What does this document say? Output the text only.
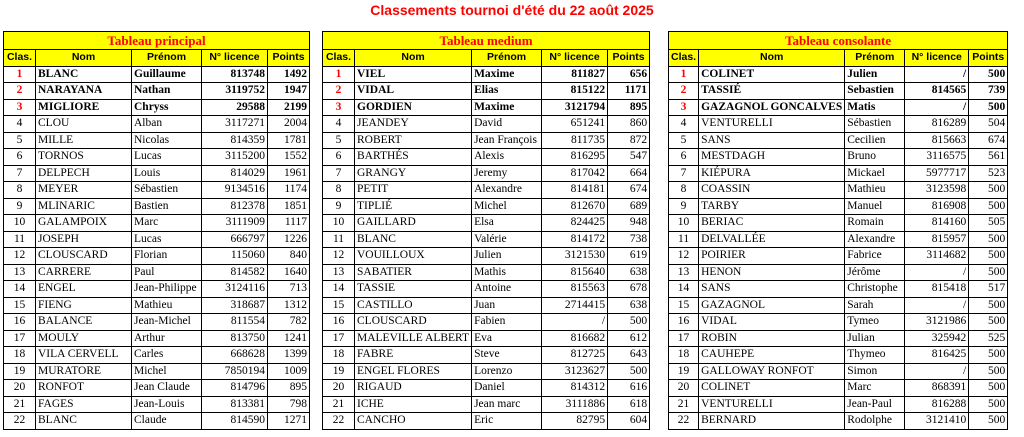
Classements tournoi d'été du 22 août 2025
Tableau principal				
Clas.	Nom	Prénom	N° licence	Points
1	BLANC	Guillaume	813748	1492
2	NARAYANA	Nathan	3119752	1947
3	MIGLIORE	Chryss	29588	2199
4	CLOU	Alban	3117271	2004
5	MILLE	Nicolas	814359	1781
6	TORNOS	Lucas	3115200	1552
7	DELPECH	Louis	814029	1961
8	MEYER	Sébastien	9134516	1174
9	MLINARIC	Bastien	812378	1851
10	GALAMPOIX	Marc	3111909	1117
11	JOSEPH	Lucas	666797	1226
12	CLOUSCARD	Florian	115060	840
13	CARRERE	Paul	814582	1640
14	ENGEL	Jean-Philippe	3124116	713
15	FIENG	Mathieu	318687	1312
16	BALANCE	Jean-Michel	811554	782
17	MOULY	Arthur	813750	1241
18	VILA CERVELL	Carles	668628	1399
19	MURATORE	Michel	7850194	1009
20	RONFOT	Jean Claude	814796	895
21	FAGES	Jean-Louis	813381	798
22	BLANC	Claude	814590	1271
Tableau medium				
Clas.	Nom	Prénom	N° licence	Points
1	VIEL	Maxime	811827	656
2	VIDAL	Elias	815122	1171
3	GORDIEN	Maxime	3121794	895
4	JEANDEY	David	651241	860
5	ROBERT	Jean François	811735	872
6	BARTHÉS	Alexis	816295	547
7	GRANGY	Jeremy	817042	664
8	PETIT	Alexandre	814181	674
9	TIPLIÉ	Michel	812670	689
10	GAILLARD	Elsa	824425	948
11	BLANC	Valérie	814172	738
12	VOUILLOUX	Julien	3121530	619
13	SABATIER	Mathis	815640	638
14	TASSIE	Antoine	815563	678
15	CASTILLO	Juan	2714415	638
16	CLOUSCARD	Fabien	/	500
17	MALEVILLE ALBERT	Eva	816682	612
18	FABRE	Steve	812725	643
19	ENGEL FLORES	Lorenzo	3123627	500
20	RIGAUD	Daniel	814312	616
21	ICHE	Jean marc	3111886	618
22	CANCHO	Eric	82795	604
Tableau consolante				
Clas.	Nom	Prénom	N° licence	Points
1	COLINET	Julien	/	500
2	TASSIÉ	Sebastien	814565	739
3	GAZAGNOL GONCALVES	Matis	/	500
4	VENTURELLI	Sébastien	816289	504
5	SANS	Cecilien	815663	674
6	MESTDAGH	Bruno	3116575	561
7	KIÉPURA	Mickael	5977717	523
8	COASSIN	Mathieu	3123598	500
9	TARBY	Manuel	816908	500
10	BERIAC	Romain	814160	505
11	DELVALLÉE	Alexandre	815957	500
12	POIRIER	Fabrice	3114682	500
13	HENON	Jérôme	/	500
14	SANS	Christophe	815418	517
15	GAZAGNOL	Sarah	/	500
16	VIDAL	Tymeo	3121986	500
17	ROBIN	Julian	325942	525
18	CAUHEPE	Thymeo	816425	500
19	GALLOWAY RONFOT	Simon	/	500
20	COLINET	Marc	868391	500
21	VENTURELLI	Jean-Paul	816288	500
22	BERNARD	Rodolphe	3121410	500
